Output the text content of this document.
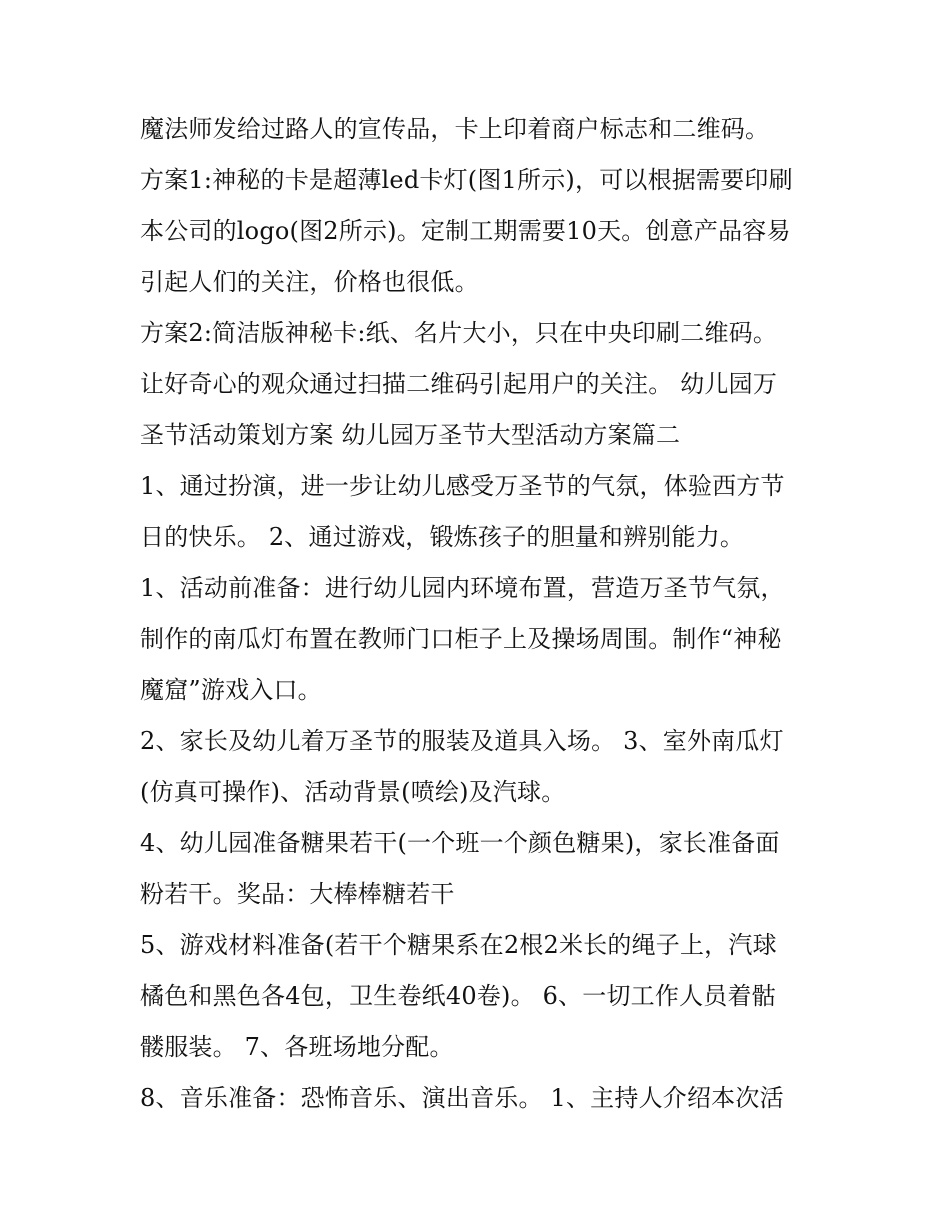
魔法师发给过路人的宣传品，卡上印着商户标志和二维码。
方案1:神秘的卡是超薄led卡灯(图1所示)，可以根据需要印刷
本公司的logo(图2所示)。定制工期需要10天。创意产品容易
引起人们的关注，价格也很低。
方案2:简洁版神秘卡:纸、名片大小，只在中央印刷二维码。
让好奇心的观众通过扫描二维码引起用户的关注。 幼儿园万
圣节活动策划方案 幼儿园万圣节大型活动方案篇二
1、通过扮演，进一步让幼儿感受万圣节的气氛，体验西方节
日的快乐。 2、通过游戏，锻炼孩子的胆量和辨别能力。
1、活动前准备：进行幼儿园内环境布置，营造万圣节气氛，
制作的南瓜灯布置在教师门口柜子上及操场周围。制作“神秘
魔窟”游戏入口。
2、家长及幼儿着万圣节的服装及道具入场。 3、室外南瓜灯
(仿真可操作)、活动背景(喷绘)及汽球。
4、幼儿园准备糖果若干(一个班一个颜色糖果)，家长准备面
粉若干。奖品：大棒棒糖若干
5、游戏材料准备(若干个糖果系在2根2米长的绳子上，汽球
橘色和黑色各4包，卫生卷纸40卷)。 6、一切工作人员着骷
髅服装。 7、各班场地分配。
8、音乐准备：恐怖音乐、演出音乐。 1、主持人介绍本次活
